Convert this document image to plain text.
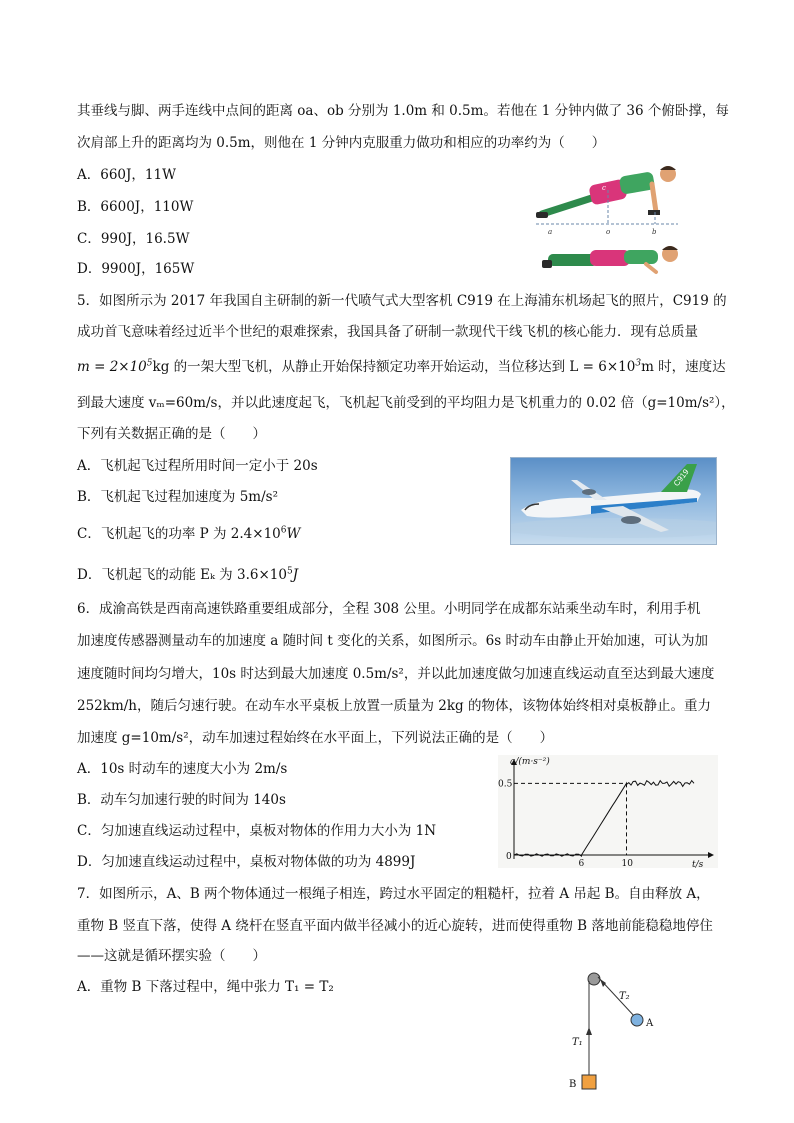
其垂线与脚、两手连线中点间的距离 oa、ob 分别为 1.0m 和 0.5m。若他在 1 分钟内做了 36 个俯卧撑，每
次肩部上升的距离均为 0.5m，则他在 1 分钟内克服重力做功和相应的功率约为（　　）
A．660J，11W
B．6600J，110W
C．990J，16.5W
D．9900J，165W
a	o	b
c
5．如图所示为 2017 年我国自主研制的新一代喷气式大型客机 C919 在上海浦东机场起飞的照片，C919 的
成功首飞意味着经过近半个世纪的艰难探索，我国具备了研制一款现代干线飞机的核心能力．现有总质量
$m = 2\times 10^5kg$ 的一架大型飞机，从静止开始保持额定功率开始运动，当位移达到 $L = 6\times 10^3m$ 时，速度达
到最大速度 vₘ=60m/s，并以此速度起飞，飞机起飞前受到的平均阻力是飞机重力的 0.02 倍（g=10m/s²），
下列有关数据正确的是（　　）
A．飞机起飞过程所用时间一定小于 20s
B．飞机起飞过程加速度为 5m/s²
C．飞机起飞的功率 P 为 $2.4\times 10^6W$
D．飞机起飞的动能 Eₖ 为 $3.6\times 10^5J$
C919
6．成渝高铁是西南高速铁路重要组成部分，全程 308 公里。小明同学在成都东站乘坐动车时，利用手机
加速度传感器测量动车的加速度 a 随时间 t 变化的关系，如图所示。6s 时动车由静止开始加速，可认为加
速度随时间均匀增大，10s 时达到最大加速度 0.5m/s²，并以此加速度做匀加速直线运动直至达到最大速度
252km/h，随后匀速行驶。在动车水平桌板上放置一质量为 2kg 的物体，该物体始终相对桌板静止。重力
加速度 g=10m/s²，动车加速过程始终在水平面上，下列说法正确的是（　　）
A．10s 时动车的速度大小为 2m/s
B．动车匀加速行驶的时间为 140s
C．匀加速直线运动过程中，桌板对物体的作用力大小为 1N
D．匀加速直线运动过程中，桌板对物体做的功为 4899J
a/(m·s⁻²)
t/s
0.5
6	10
0
7．如图所示，A、B 两个物体通过一根绳子相连，跨过水平固定的粗糙杆，拉着 A 吊起 B。自由释放 A，
重物 B 竖直下落，使得 A 绕杆在竖直平面内做半径减小的近心旋转，进而使得重物 B 落地前能稳稳地停住
——这就是循环摆实验（　　）
A．重物 B 下落过程中，绳中张力 T₁ = T₂
T₁
T₂
A
B
